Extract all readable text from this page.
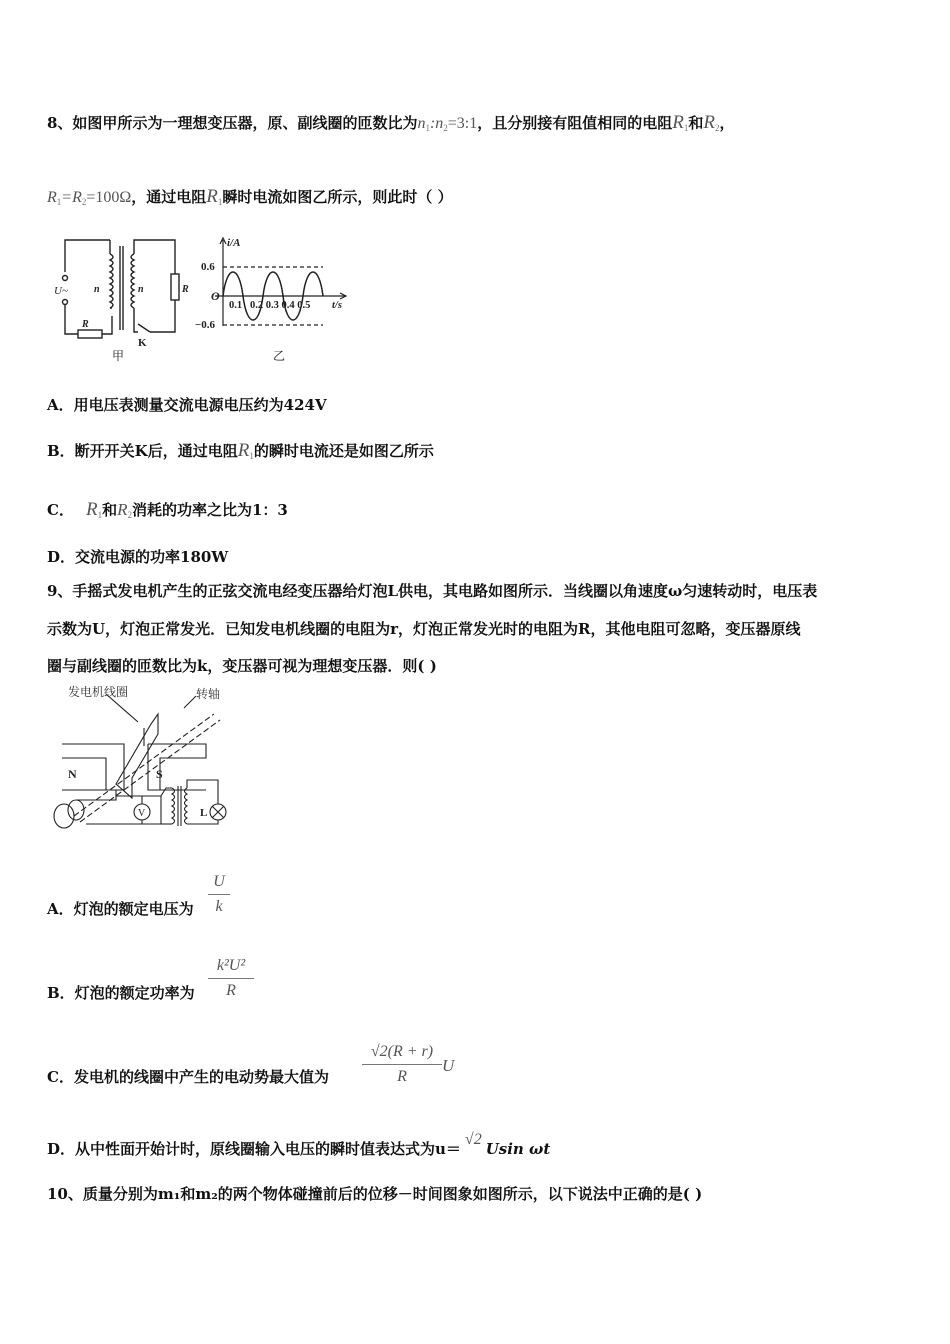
8、如图甲所示为一理想变压器，原、副线圈的匝数比为$n_1:n_2=3:1$，且分别接有阻值相同的电阻$R_1$和$R_2$，
$R_1=R_2=100\Omega$，通过电阻$R_1$瞬时电流如图乙所示，则此时（ ）
U~	n	n
R
R
K
甲
i/A
0.6
−0.6
O
0.1   0.2 0.3 0.4 0.5 t/s
乙
A．用电压表测量交流电源电压约为424V
B．断开开关K后，通过电阻$R_1$的瞬时电流还是如图乙所示
C． $R_1$和$R_2$消耗的功率之比为1：3
D．交流电源的功率180W
9、手摇式发电机产生的正弦交流电经变压器给灯泡L供电，其电路如图所示．当线圈以角速度ω匀速转动时，电压表
示数为U，灯泡正常发光．已知发电机线圈的电阻为r，灯泡正常发光时的电阻为R，其他电阻可忽略，变压器原线
圈与副线圈的匝数比为k，变压器可视为理想变压器．则( )
发电机线圈	转轴
N	S
V	L
A．灯泡的额定电压为
U
k
B．灯泡的额定功率为
k²U²
R
C．发电机的线圈中产生的电动势最大值为
√2(R + r)
R
U
D．从中性面开始计时，原线圈输入电压的瞬时值表达式为u＝√2Usin ωt
10、质量分别为m₁和m₂的两个物体碰撞前后的位移－时间图象如图所示，以下说法中正确的是( )
